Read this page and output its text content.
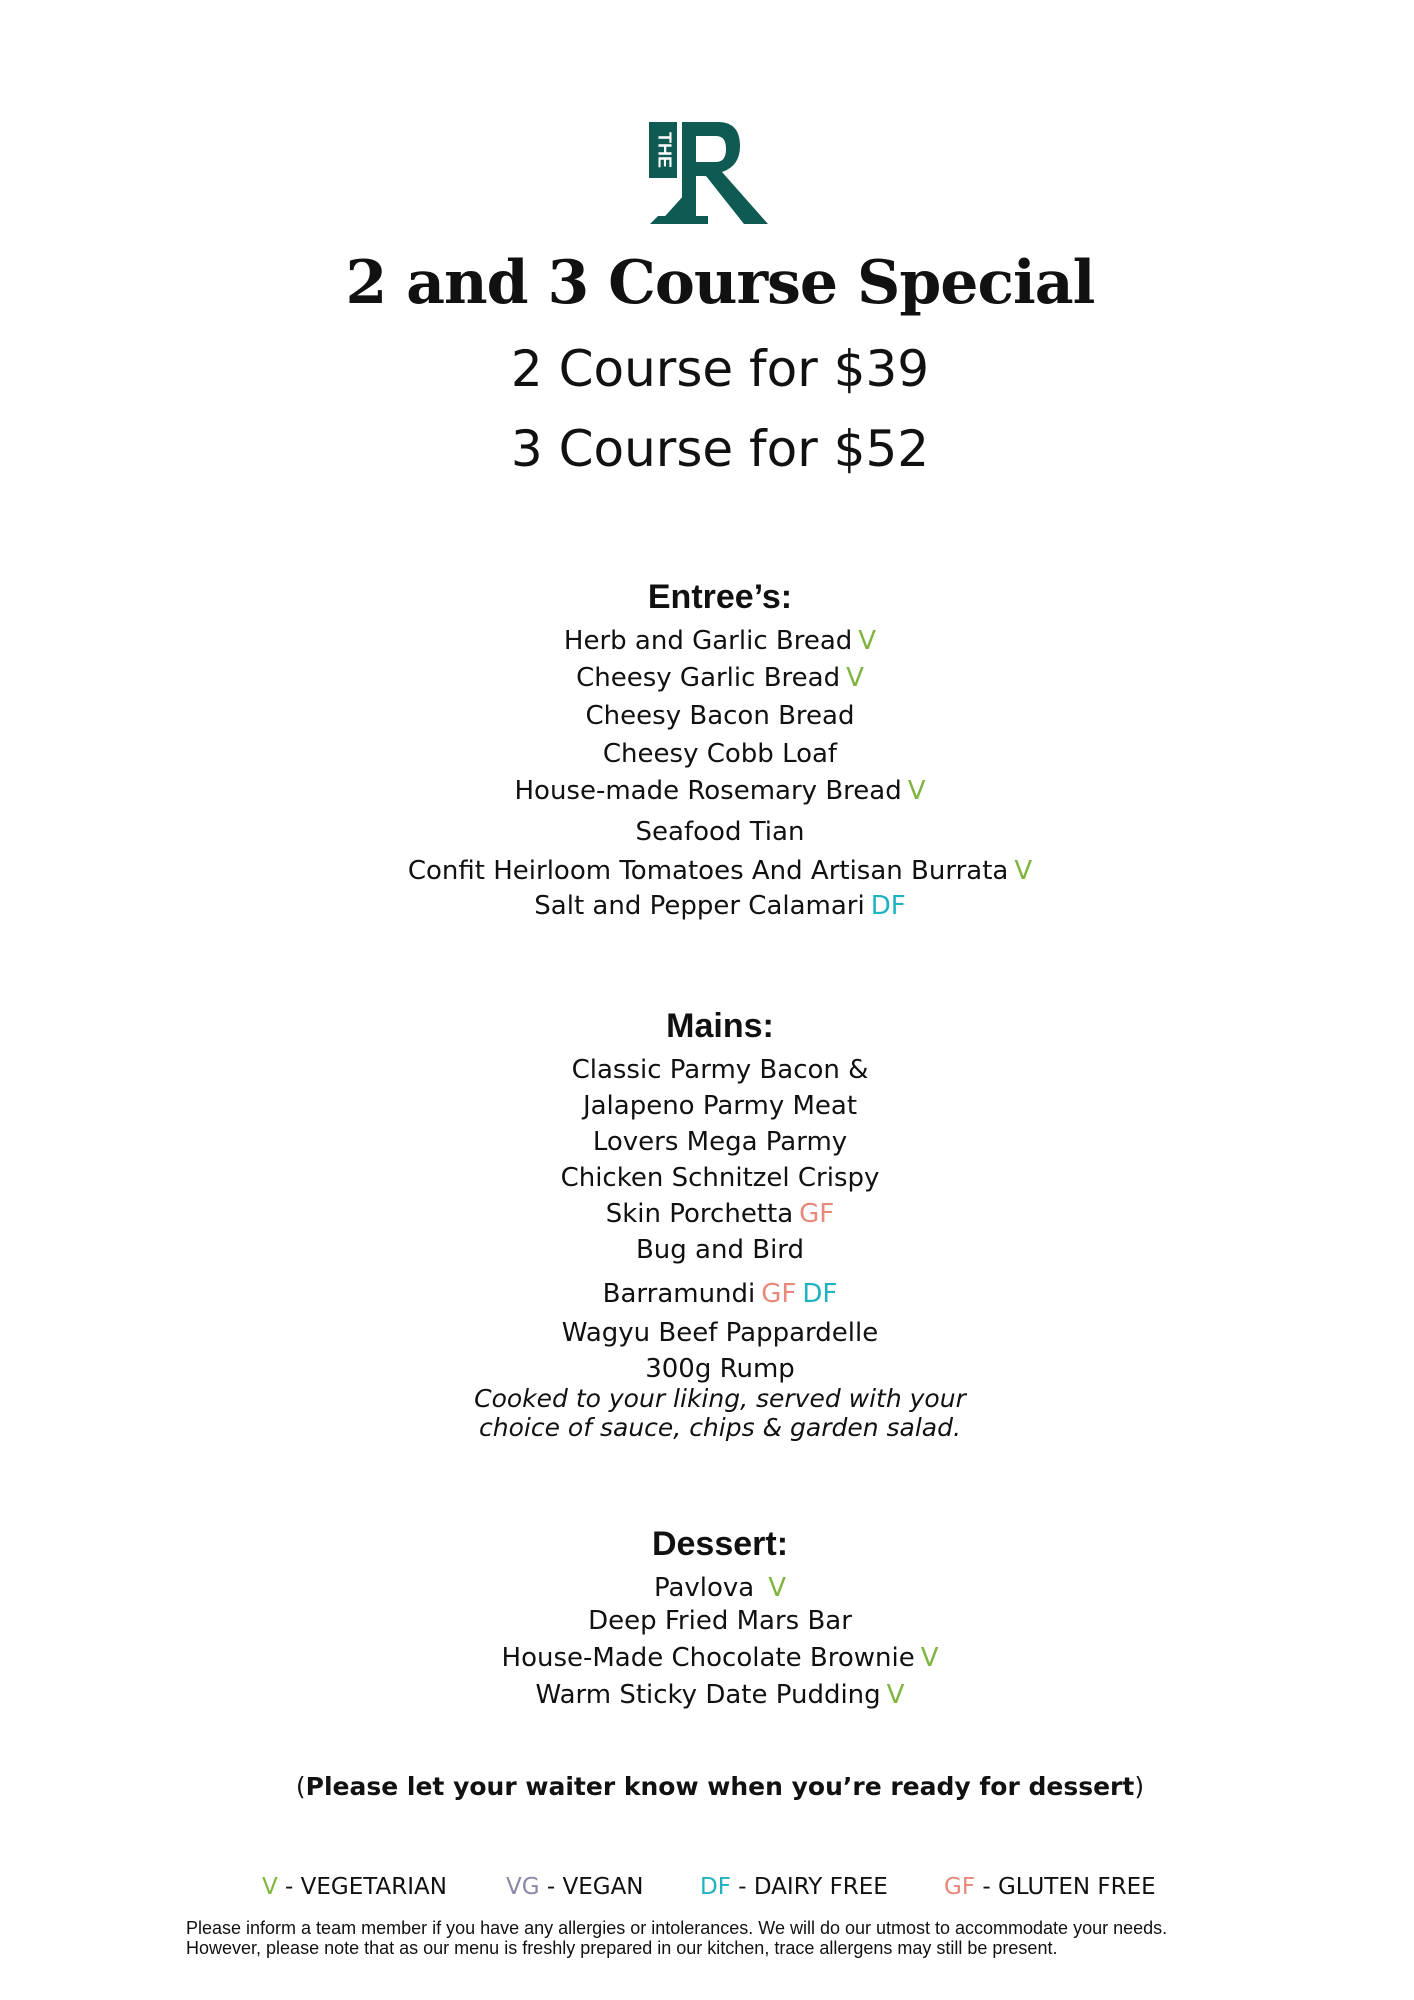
THE
2 and 3 Course Special
2 Course for $39
3 Course for $52
Entree’s:
Herb and Garlic Bread V
Cheesy Garlic Bread V
Cheesy Bacon Bread
Cheesy Cobb Loaf
House-made Rosemary Bread V
Seafood Tian
Confit Heirloom Tomatoes And Artisan Burrata V
Salt and Pepper Calamari DF
Mains:
Classic Parmy Bacon &
Jalapeno Parmy Meat
Lovers Mega Parmy
Chicken Schnitzel Crispy
Skin Porchetta GF
Bug and Bird
Barramundi GF DF
Wagyu Beef Pappardelle
300g Rump
Cooked to your liking, served with your
choice of sauce, chips & garden salad.
Dessert:
Pavlova V
Deep Fried Mars Bar
House-Made Chocolate Brownie V
Warm Sticky Date Pudding V
(Please let your waiter know when you’re ready for dessert)
V - VEGETARIAN	VG - VEGAN DF - DAIRY FREE GF - GLUTEN FREE
Please inform a team member if you have any allergies or intolerances. We will do our utmost to accommodate your needs. However, please note that as our menu is freshly prepared in our kitchen, trace allergens may still be present.
